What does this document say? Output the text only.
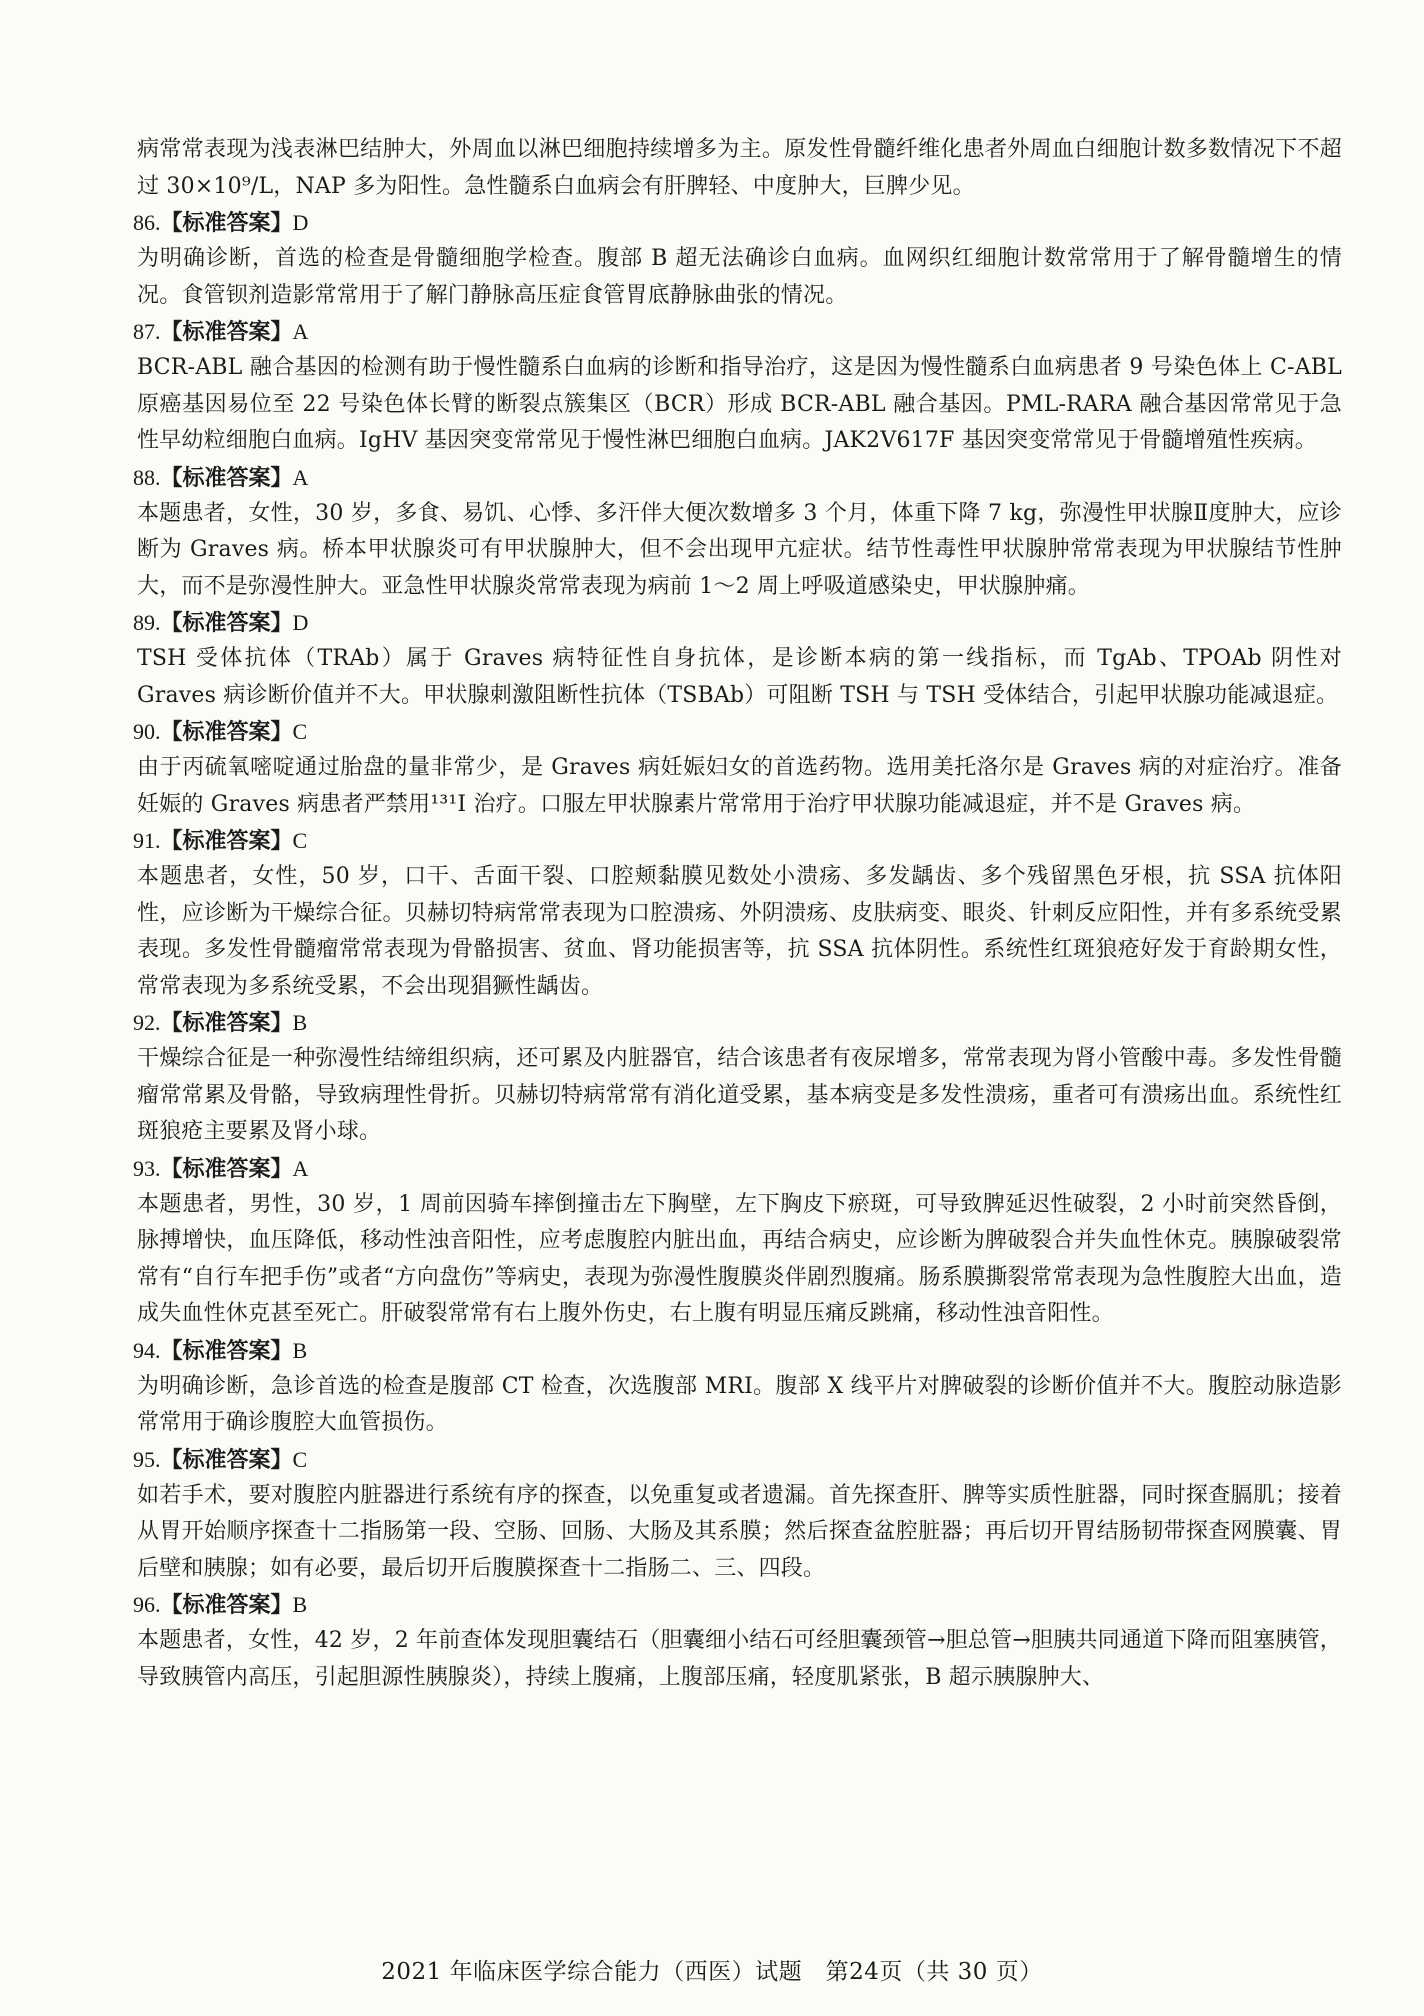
病常常表现为浅表淋巴结肿大，外周血以淋巴细胞持续增多为主。原发性骨髓纤维化患者外周血白细胞计数多数情况下不超过 30×10⁹/L，NAP 多为阳性。急性髓系白血病会有肝脾轻、中度肿大，巨脾少见。

86.【标准答案】D

为明确诊断，首选的检查是骨髓细胞学检查。腹部 B 超无法确诊白血病。血网织红细胞计数常常用于了解骨髓增生的情况。食管钡剂造影常常用于了解门静脉高压症食管胃底静脉曲张的情况。

87.【标准答案】A

BCR-ABL 融合基因的检测有助于慢性髓系白血病的诊断和指导治疗，这是因为慢性髓系白血病患者 9 号染色体上 C-ABL 原癌基因易位至 22 号染色体长臂的断裂点簇集区（BCR）形成 BCR-ABL 融合基因。PML-RARA 融合基因常常见于急性早幼粒细胞白血病。IgHV 基因突变常常见于慢性淋巴细胞白血病。JAK2V617F 基因突变常常见于骨髓增殖性疾病。

88.【标准答案】A

本题患者，女性，30 岁，多食、易饥、心悸、多汗伴大便次数增多 3 个月，体重下降 7 kg，弥漫性甲状腺Ⅱ度肿大，应诊断为 Graves 病。桥本甲状腺炎可有甲状腺肿大，但不会出现甲亢症状。结节性毒性甲状腺肿常常表现为甲状腺结节性肿大，而不是弥漫性肿大。亚急性甲状腺炎常常表现为病前 1～2 周上呼吸道感染史，甲状腺肿痛。

89.【标准答案】D

TSH 受体抗体（TRAb）属于 Graves 病特征性自身抗体，是诊断本病的第一线指标，而 TgAb、TPOAb 阴性对 Graves 病诊断价值并不大。甲状腺刺激阻断性抗体（TSBAb）可阻断 TSH 与 TSH 受体结合，引起甲状腺功能减退症。

90.【标准答案】C

由于丙硫氧嘧啶通过胎盘的量非常少，是 Graves 病妊娠妇女的首选药物。选用美托洛尔是 Graves 病的对症治疗。准备妊娠的 Graves 病患者严禁用¹³¹I 治疗。口服左甲状腺素片常常用于治疗甲状腺功能减退症，并不是 Graves 病。

91.【标准答案】C

本题患者，女性，50 岁，口干、舌面干裂、口腔颊黏膜见数处小溃疡、多发龋齿、多个残留黑色牙根，抗 SSA 抗体阳性，应诊断为干燥综合征。贝赫切特病常常表现为口腔溃疡、外阴溃疡、皮肤病变、眼炎、针刺反应阳性，并有多系统受累表现。多发性骨髓瘤常常表现为骨骼损害、贫血、肾功能损害等，抗 SSA 抗体阴性。系统性红斑狼疮好发于育龄期女性，常常表现为多系统受累，不会出现猖獗性龋齿。

92.【标准答案】B

干燥综合征是一种弥漫性结缔组织病，还可累及内脏器官，结合该患者有夜尿增多，常常表现为肾小管酸中毒。多发性骨髓瘤常常累及骨骼，导致病理性骨折。贝赫切特病常常有消化道受累，基本病变是多发性溃疡，重者可有溃疡出血。系统性红斑狼疮主要累及肾小球。

93.【标准答案】A

本题患者，男性，30 岁，1 周前因骑车摔倒撞击左下胸壁，左下胸皮下瘀斑，可导致脾延迟性破裂，2 小时前突然昏倒，脉搏增快，血压降低，移动性浊音阳性，应考虑腹腔内脏出血，再结合病史，应诊断为脾破裂合并失血性休克。胰腺破裂常常有“自行车把手伤”或者“方向盘伤”等病史，表现为弥漫性腹膜炎伴剧烈腹痛。肠系膜撕裂常常表现为急性腹腔大出血，造成失血性休克甚至死亡。肝破裂常常有右上腹外伤史，右上腹有明显压痛反跳痛，移动性浊音阳性。

94.【标准答案】B

为明确诊断，急诊首选的检查是腹部 CT 检查，次选腹部 MRI。腹部 X 线平片对脾破裂的诊断价值并不大。腹腔动脉造影常常用于确诊腹腔大血管损伤。

95.【标准答案】C

如若手术，要对腹腔内脏器进行系统有序的探查，以免重复或者遗漏。首先探查肝、脾等实质性脏器，同时探查膈肌；接着从胃开始顺序探查十二指肠第一段、空肠、回肠、大肠及其系膜；然后探查盆腔脏器；再后切开胃结肠韧带探查网膜囊、胃后壁和胰腺；如有必要，最后切开后腹膜探查十二指肠二、三、四段。

96.【标准答案】B

本题患者，女性，42 岁，2 年前查体发现胆囊结石（胆囊细小结石可经胆囊颈管→胆总管→胆胰共同通道下降而阻塞胰管，导致胰管内高压，引起胆源性胰腺炎），持续上腹痛，上腹部压痛，轻度肌紧张，B 超示胰腺肿大、

2021 年临床医学综合能力（西医）试题　第24页（共 30 页）
